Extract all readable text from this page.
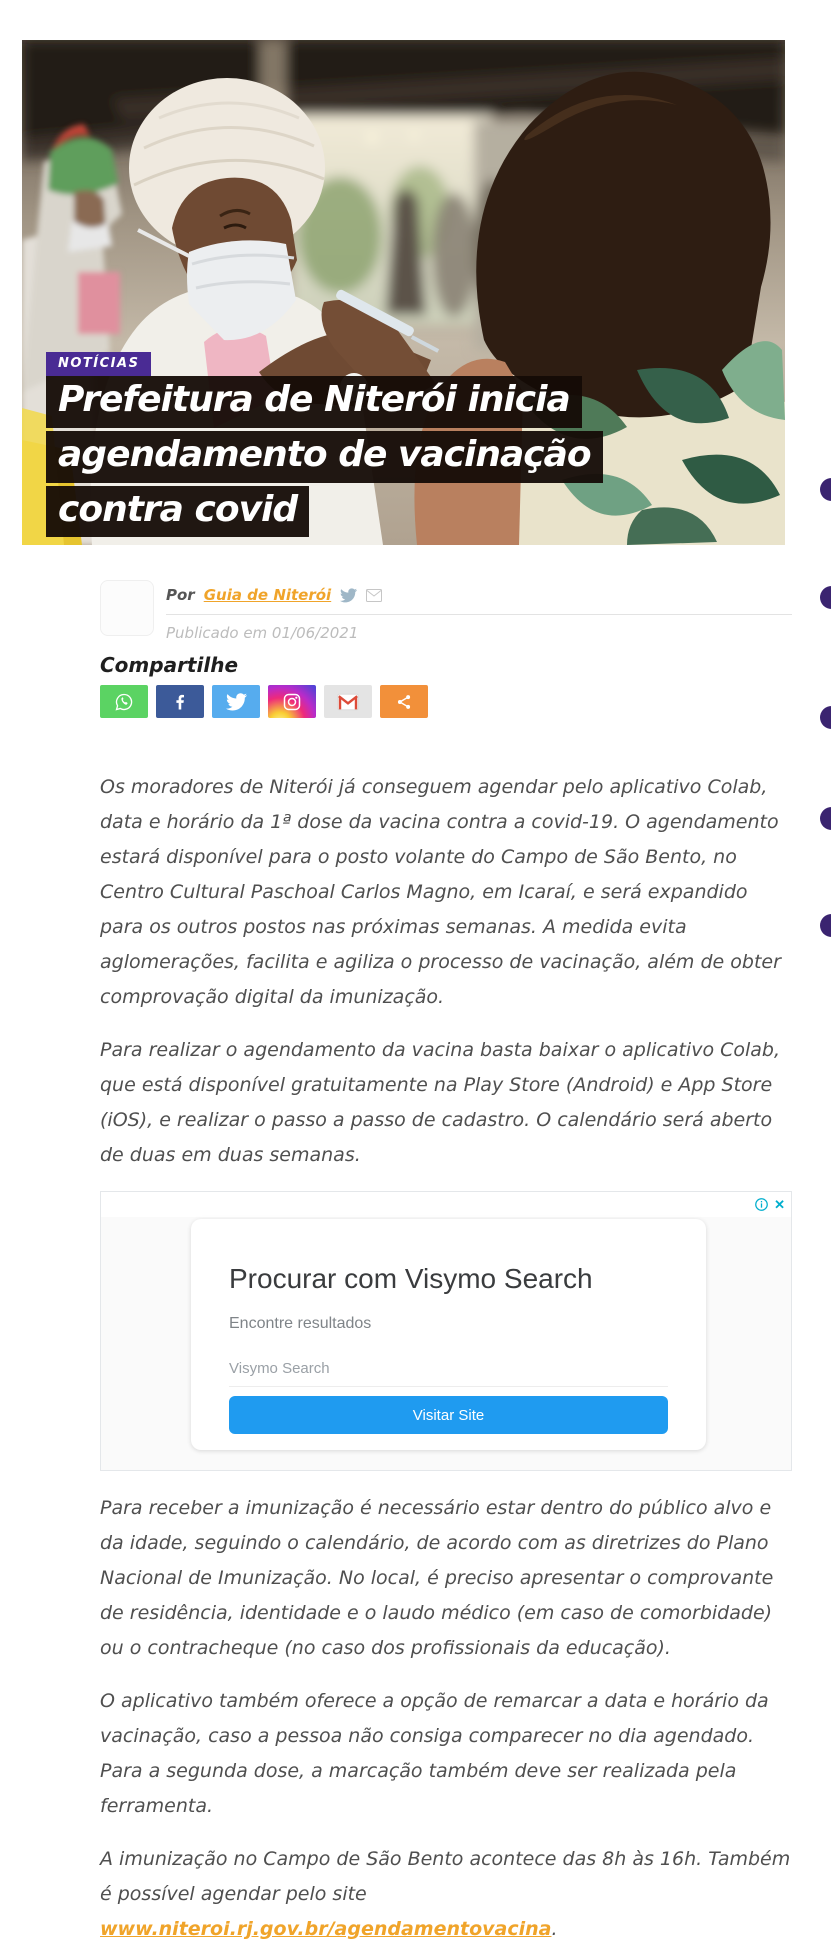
NOTÍCIAS
Prefeitura de Niterói inicia
agendamento de vacinação
contra covid
Por Guia de Niterói
Publicado em 01/06/2021
Compartilhe

Os moradores de Niterói já conseguem agendar pelo aplicativo Colab, data e horário da 1ª dose da vacina contra a covid-19. O agendamento estará disponível para o posto volante do Campo de São Bento, no Centro Cultural Paschoal Carlos Magno, em Icaraí, e será expandido para os outros postos nas próximas semanas. A medida evita aglomerações, facilita e agiliza o processo de vacinação, além de obter comprovação digital da imunização.

Para realizar o agendamento da vacina basta baixar o aplicativo Colab, que está disponível gratuitamente na Play Store (Android) e App Store (iOS), e realizar o passo a passo de cadastro. O calendário será aberto de duas em duas semanas.

✕
Procurar com Visymo Search
Encontre resultados
Visymo Search
Visitar Site

Para receber a imunização é necessário estar dentro do público alvo e da idade, seguindo o calendário, de acordo com as diretrizes do Plano Nacional de Imunização. No local, é preciso apresentar o comprovante de residência, identidade e o laudo médico (em caso de comorbidade) ou o contracheque (no caso dos profissionais da educação).

O aplicativo também oferece a opção de remarcar a data e horário da vacinação, caso a pessoa não consiga comparecer no dia agendado. Para a segunda dose, a marcação também deve ser realizada pela ferramenta.

A imunização no Campo de São Bento acontece das 8h às 16h. Também é possível agendar pelo site www.niteroi.rj.gov.br/agendamentovacina.
